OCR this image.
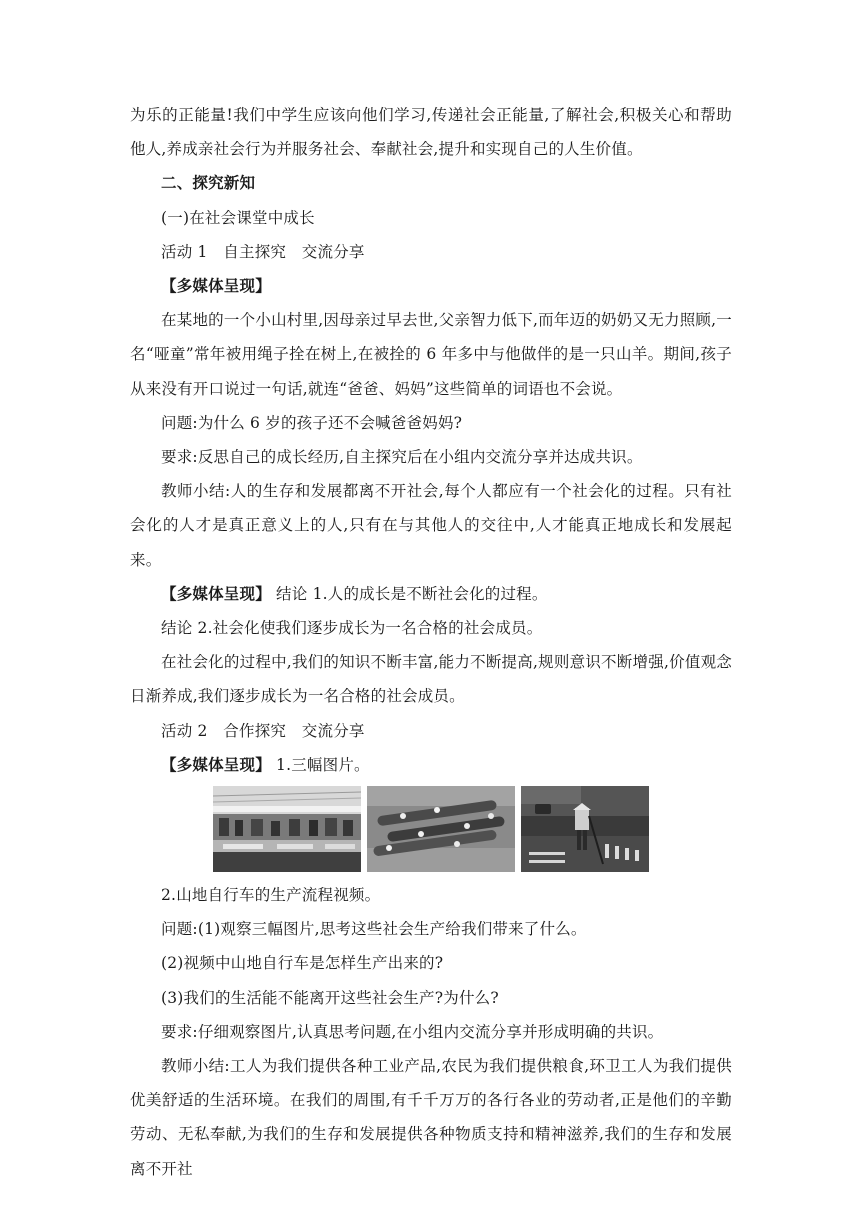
为乐的正能量!我们中学生应该向他们学习,传递社会正能量,了解社会,积极关心和帮助他人,养成亲社会行为并服务社会、奉献社会,提升和实现自己的人生价值。

二、探究新知

(一)在社会课堂中成长

活动 1　自主探究　交流分享

【多媒体呈现】

在某地的一个小山村里,因母亲过早去世,父亲智力低下,而年迈的奶奶又无力照顾,一名“哑童”常年被用绳子拴在树上,在被拴的 6 年多中与他做伴的是一只山羊。期间,孩子从来没有开口说过一句话,就连“爸爸、妈妈”这些简单的词语也不会说。

问题:为什么 6 岁的孩子还不会喊爸爸妈妈?

要求:反思自己的成长经历,自主探究后在小组内交流分享并达成共识。

教师小结:人的生存和发展都离不开社会,每个人都应有一个社会化的过程。只有社会化的人才是真正意义上的人,只有在与其他人的交往中,人才能真正地成长和发展起来。

【多媒体呈现】 结论 1.人的成长是不断社会化的过程。

结论 2.社会化使我们逐步成长为一名合格的社会成员。

在社会化的过程中,我们的知识不断丰富,能力不断提高,规则意识不断增强,价值观念日渐养成,我们逐步成长为一名合格的社会成员。

活动 2　合作探究　交流分享

【多媒体呈现】 1.三幅图片。

2.山地自行车的生产流程视频。

问题:(1)观察三幅图片,思考这些社会生产给我们带来了什么。

(2)视频中山地自行车是怎样生产出来的?

(3)我们的生活能不能离开这些社会生产?为什么?

要求:仔细观察图片,认真思考问题,在小组内交流分享并形成明确的共识。

教师小结:工人为我们提供各种工业产品,农民为我们提供粮食,环卫工人为我们提供优美舒适的生活环境。在我们的周围,有千千万万的各行各业的劳动者,正是他们的辛勤劳动、无私奉献,为我们的生存和发展提供各种物质支持和精神滋养,我们的生存和发展离不开社
